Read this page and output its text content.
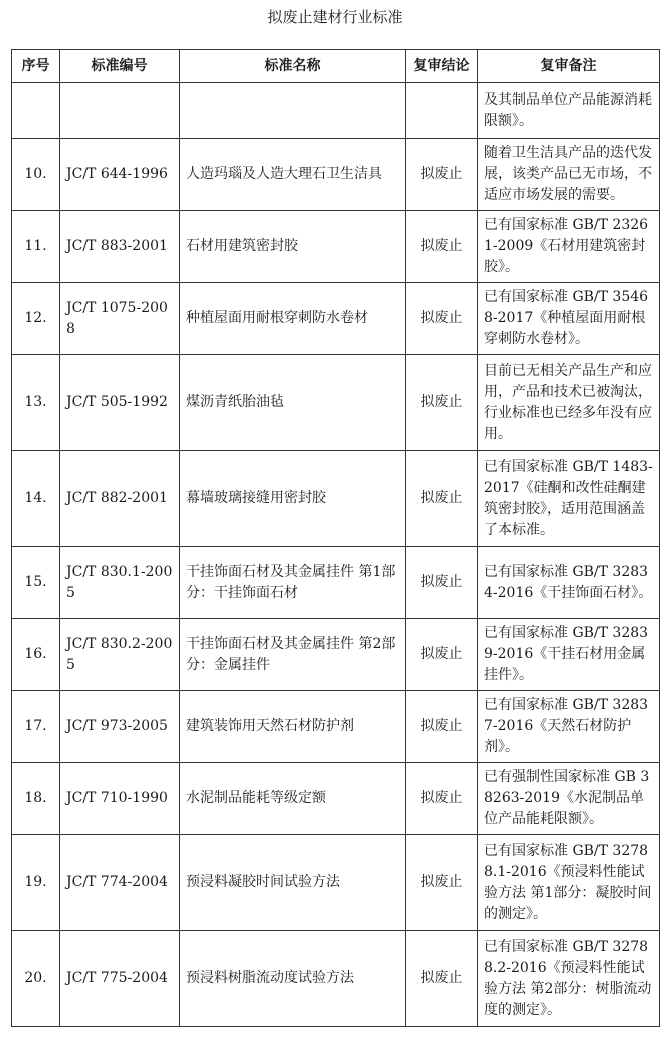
拟废止建材行业标准
序号	标准编号	标准名称	复审结论	复审备注
				及其制品单位产品能源消耗限额》。
10.	JC/T 644-1996	人造玛瑙及人造大理石卫生洁具	拟废止	随着卫生洁具产品的迭代发展，该类产品已无市场，不适应市场发展的需要。
11.	JC/T 883-2001	石材用建筑密封胶	拟废止	已有国家标准 GB/T 23261-2009《石材用建筑密封胶》。
12.	JC/T 1075-2008	种植屋面用耐根穿刺防水卷材	拟废止	已有国家标准 GB/T 35468-2017《种植屋面用耐根穿刺防水卷材》。
13.	JC/T 505-1992	煤沥青纸胎油毡	拟废止	目前已无相关产品生产和应用，产品和技术已被淘汰，行业标准也已经多年没有应用。
14.	JC/T 882-2001	幕墙玻璃接缝用密封胶	拟废止	已有国家标准 GB/T 1483-2017《硅酮和改性硅酮建筑密封胶》，适用范围涵盖了本标准。
15.	JC/T 830.1-2005	干挂饰面石材及其金属挂件 第1部分：干挂饰面石材	拟废止	已有国家标准 GB/T 32834-2016《干挂饰面石材》。
16.	JC/T 830.2-2005	干挂饰面石材及其金属挂件 第2部分：金属挂件	拟废止	已有国家标准 GB/T 32839-2016《干挂石材用金属挂件》。
17.	JC/T 973-2005	建筑装饰用天然石材防护剂	拟废止	已有国家标准 GB/T 32837-2016《天然石材防护剂》。
18.	JC/T 710-1990	水泥制品能耗等级定额	拟废止	已有强制性国家标准 GB 38263-2019《水泥制品单位产品能耗限额》。
19.	JC/T 774-2004	预浸料凝胶时间试验方法	拟废止	已有国家标准 GB/T 32788.1-2016《预浸料性能试验方法 第1部分：凝胶时间的测定》。
20.	JC/T 775-2004	预浸料树脂流动度试验方法	拟废止	已有国家标准 GB/T 32788.2-2016《预浸料性能试验方法 第2部分：树脂流动度的测定》。
